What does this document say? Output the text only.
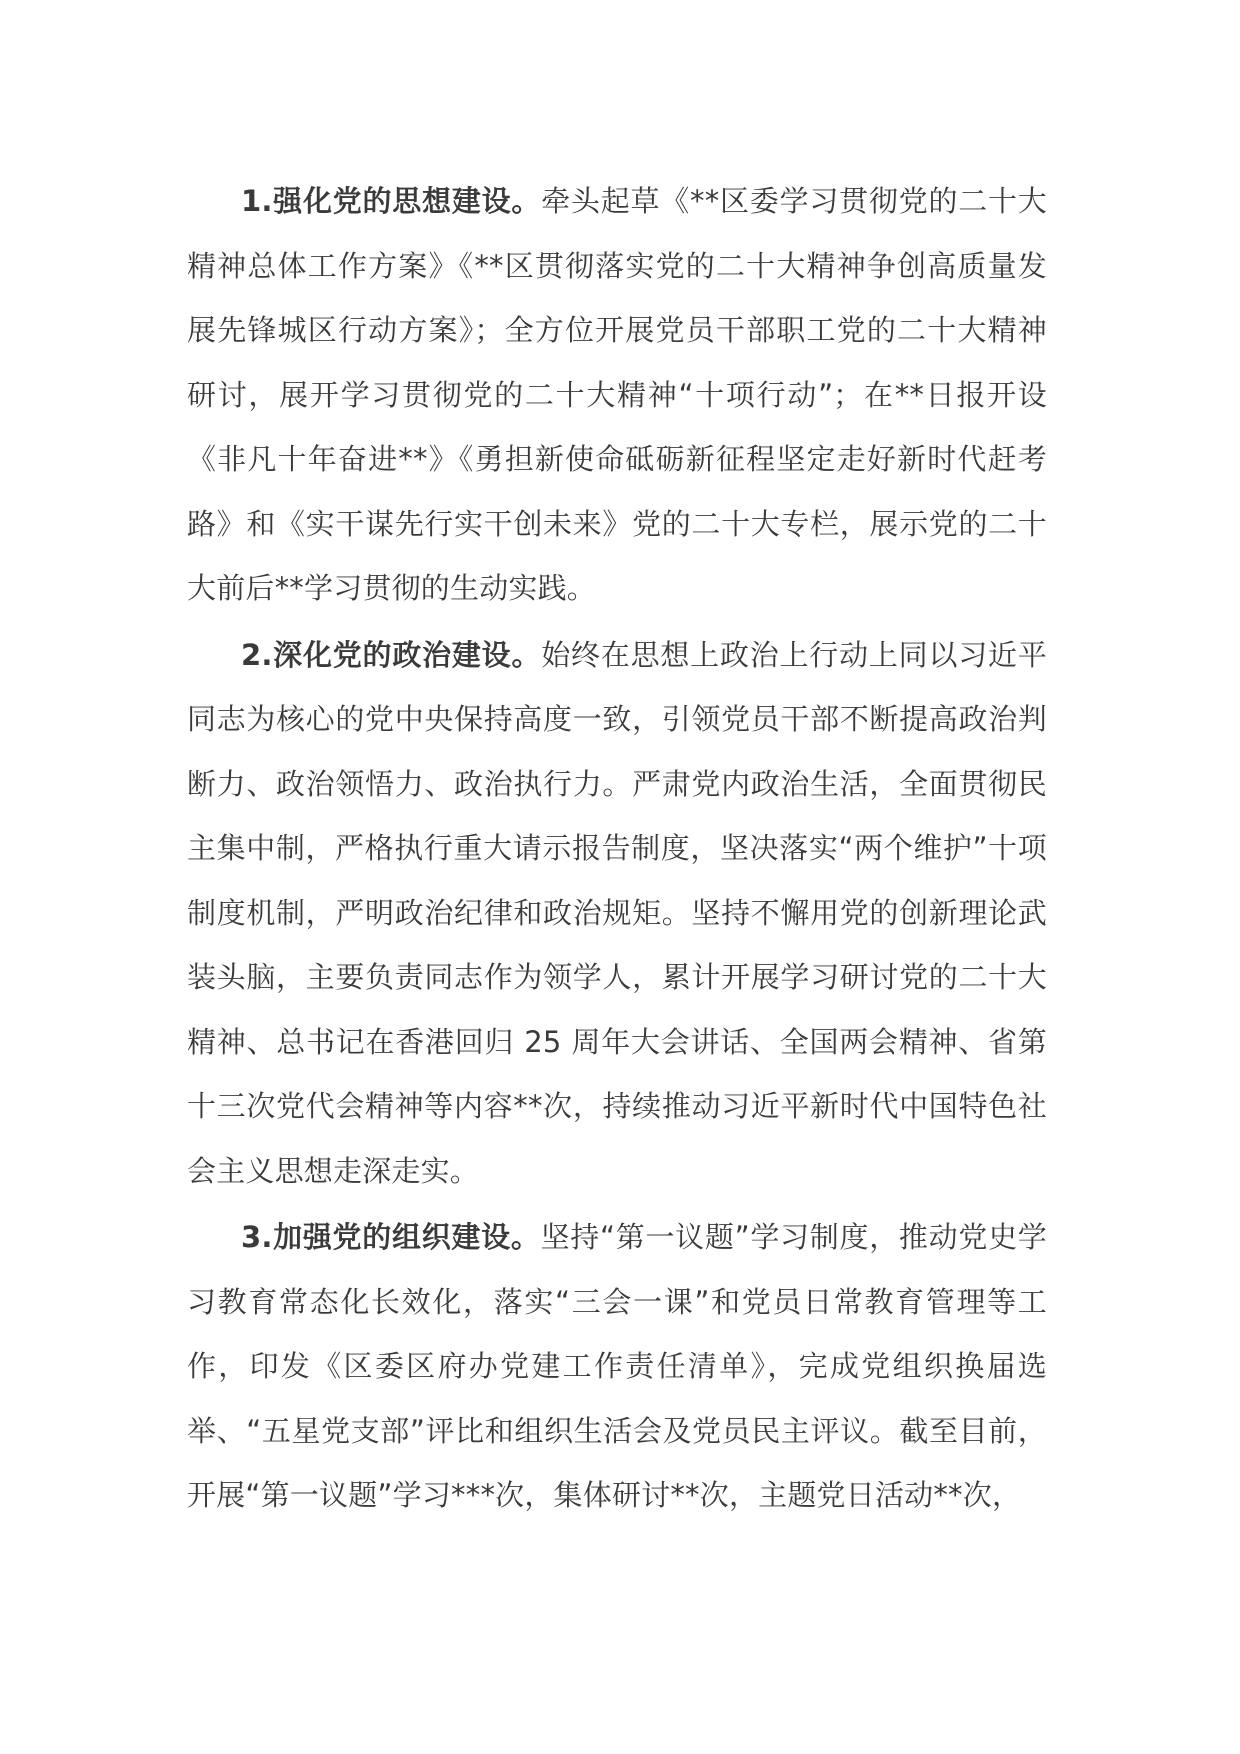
1.强化党的思想建设。牵头起草《**区委学习贯彻党的二十大精神总体工作方案》《**区贯彻落实党的二十大精神争创高质量发展先锋城区行动方案》；全方位开展党员干部职工党的二十大精神研讨，展开学习贯彻党的二十大精神“十项行动”；在**日报开设《非凡十年奋进**》《勇担新使命砥砺新征程坚定走好新时代赶考路》和《实干谋先行实干创未来》党的二十大专栏，展示党的二十大前后**学习贯彻的生动实践。

2.深化党的政治建设。始终在思想上政治上行动上同以习近平同志为核心的党中央保持高度一致，引领党员干部不断提高政治判断力、政治领悟力、政治执行力。严肃党内政治生活，全面贯彻民主集中制，严格执行重大请示报告制度，坚决落实“两个维护”十项制度机制，严明政治纪律和政治规矩。坚持不懈用党的创新理论武装头脑，主要负责同志作为领学人，累计开展学习研讨党的二十大精神、总书记在香港回归 25 周年大会讲话、全国两会精神、省第十三次党代会精神等内容**次，持续推动习近平新时代中国特色社会主义思想走深走实。

3.加强党的组织建设。坚持“第一议题”学习制度，推动党史学习教育常态化长效化，落实“三会一课”和党员日常教育管理等工作，印发《区委区府办党建工作责任清单》，完成党组织换届选举、“五星党支部”评比和组织生活会及党员民主评议。截至目前，开展“第一议题”学习***次，集体研讨**次，主题党日活动**次，
